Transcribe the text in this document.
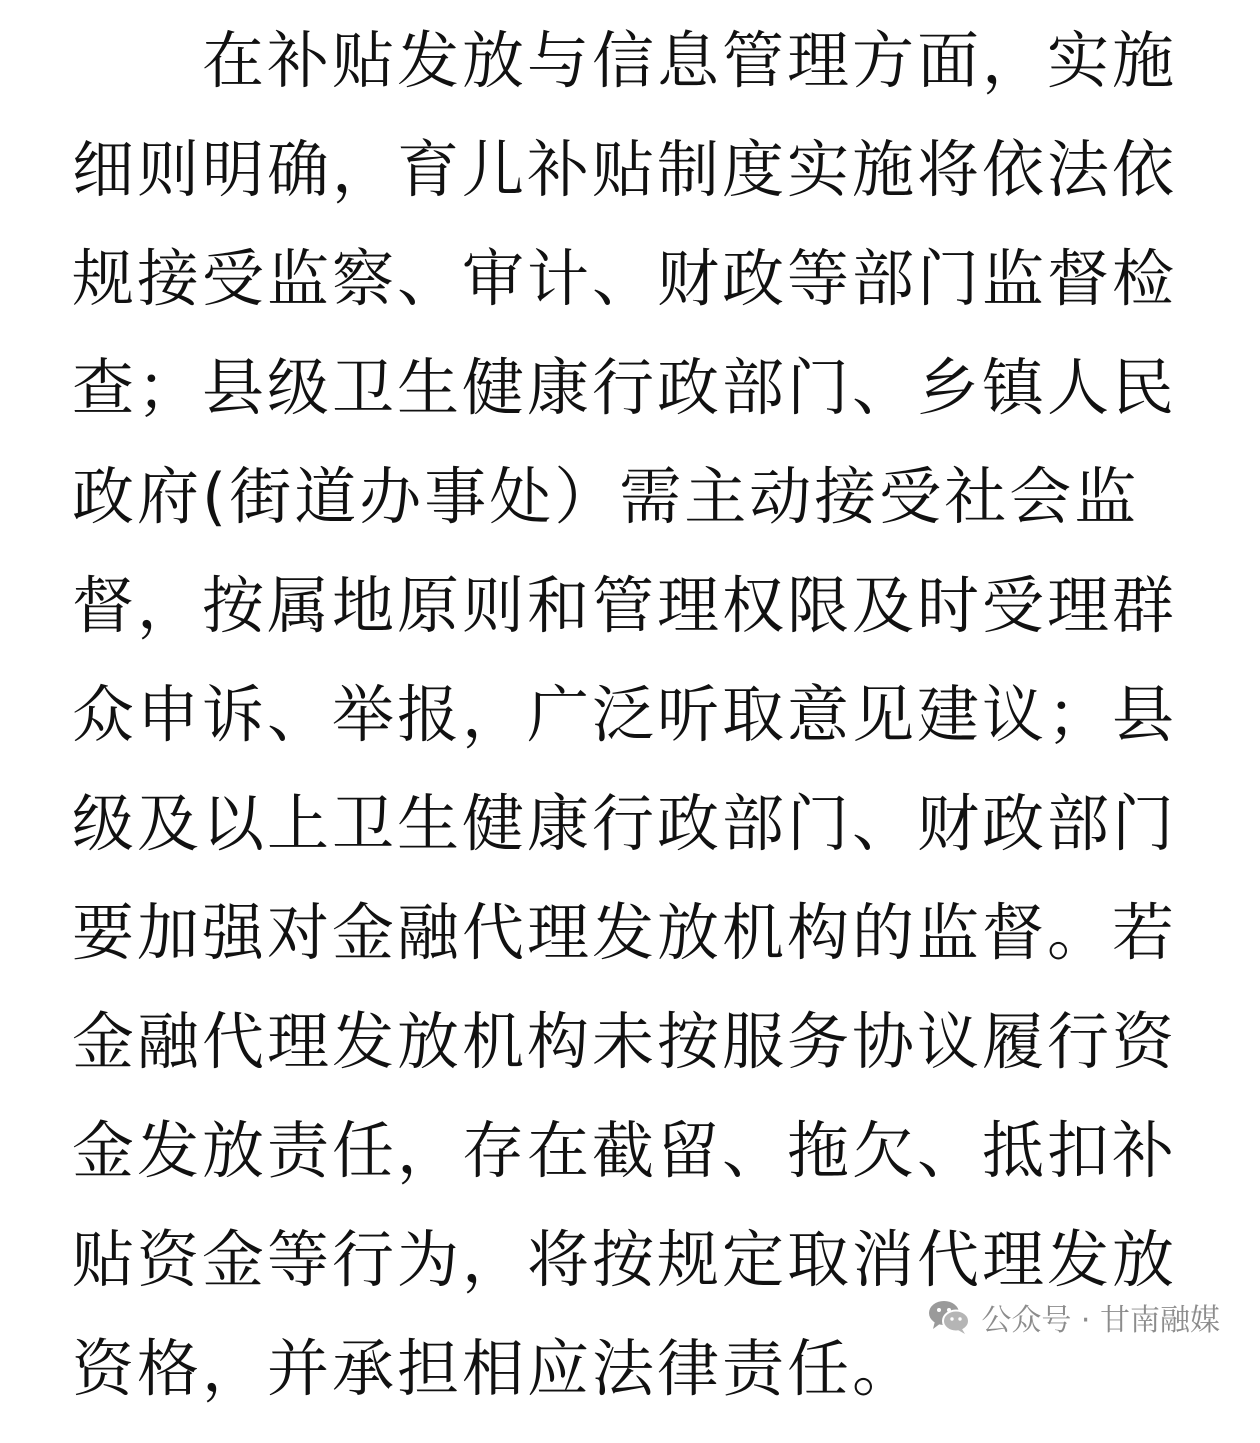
在补贴发放与信息管理方面，实施
细则明确，育儿补贴制度实施将依法依
规接受监察、审计、财政等部门监督检
查；县级卫生健康行政部门、乡镇人民
政府(街道办事处）需主动接受社会监
督，按属地原则和管理权限及时受理群
众申诉、举报，广泛听取意见建议；县
级及以上卫生健康行政部门、财政部门
要加强对金融代理发放机构的监督。若
金融代理发放机构未按服务协议履行资
金发放责任，存在截留、拖欠、抵扣补
贴资金等行为，将按规定取消代理发放
资格，并承担相应法律责任。
公众号 · 甘南融媒
